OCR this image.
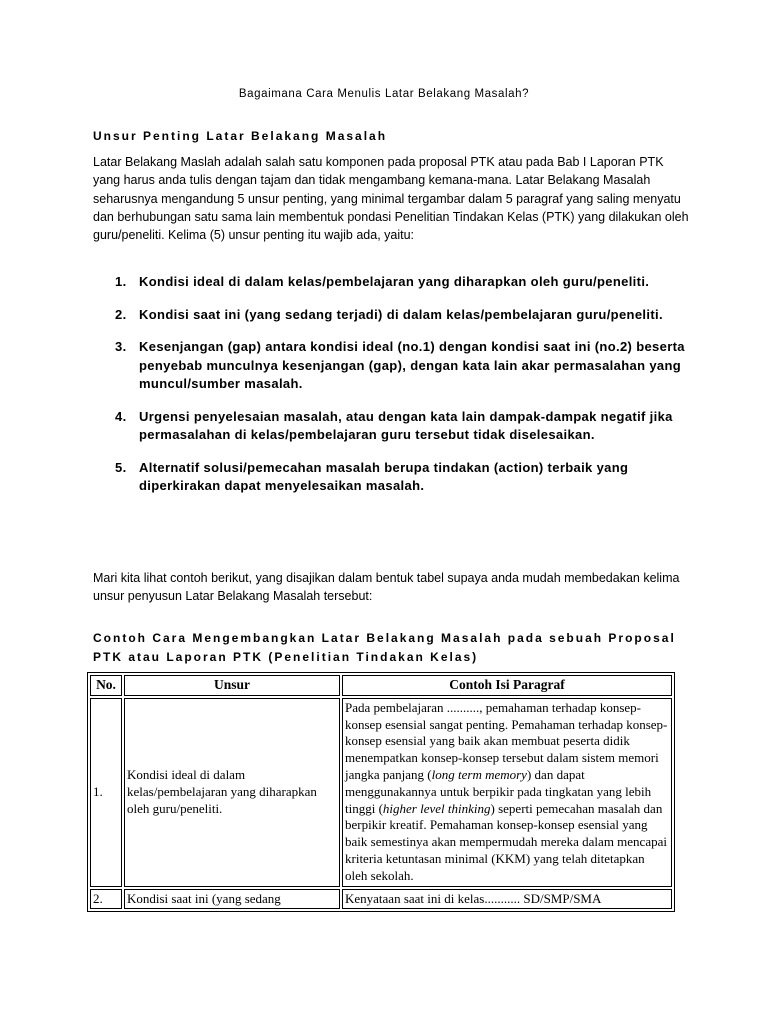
Bagaimana Cara Menulis Latar Belakang Masalah?
Unsur Penting Latar Belakang Masalah

Latar Belakang Maslah adalah salah satu komponen pada proposal PTK atau pada Bab I Laporan PTK yang harus anda tulis dengan tajam dan tidak mengambang kemana-mana. Latar Belakang Masalah seharusnya mengandung 5 unsur penting, yang minimal tergambar dalam 5 paragraf yang saling menyatu dan berhubungan satu sama lain membentuk pondasi Penelitian Tindakan Kelas (PTK) yang dilakukan oleh guru/peneliti. Kelima (5) unsur penting itu wajib ada, yaitu:

1. Kondisi ideal di dalam kelas/pembelajaran yang diharapkan oleh guru/peneliti.
2. Kondisi saat ini (yang sedang terjadi) di dalam kelas/pembelajaran guru/peneliti.
3. Kesenjangan (gap) antara kondisi ideal (no.1) dengan kondisi saat ini (no.2) beserta penyebab munculnya kesenjangan (gap), dengan kata lain akar permasalahan yang muncul/sumber masalah.
4. Urgensi penyelesaian masalah, atau dengan kata lain dampak-dampak negatif jika permasalahan di kelas/pembelajaran guru tersebut tidak diselesaikan.
5. Alternatif solusi/pemecahan masalah berupa tindakan (action) terbaik yang diperkirakan dapat menyelesaikan masalah.
Mari kita lihat contoh berikut, yang disajikan dalam bentuk tabel supaya anda mudah membedakan kelima unsur penyusun Latar Belakang Masalah tersebut:
Contoh Cara Mengembangkan Latar Belakang Masalah pada sebuah Proposal PTK atau Laporan PTK (Penelitian Tindakan Kelas)
No.	Unsur	Contoh Isi Paragraf
1.	Kondisi ideal di dalam kelas/pembelajaran yang diharapkan oleh guru/peneliti.	Pada pembelajaran .........., pemahaman terhadap konsep-konsep esensial sangat penting. Pemahaman terhadap konsep-konsep esensial yang baik akan membuat peserta didik menempatkan konsep-konsep tersebut dalam sistem memori jangka panjang (long term memory) dan dapat menggunakannya untuk berpikir pada tingkatan yang lebih tinggi (higher level thinking) seperti pemecahan masalah dan berpikir kreatif. Pemahaman konsep-konsep esensial yang baik semestinya akan mempermudah mereka dalam mencapai kriteria ketuntasan minimal (KKM) yang telah ditetapkan oleh sekolah.
2.	Kondisi saat ini (yang sedang	Kenyataan saat ini di kelas........... SD/SMP/SMA
